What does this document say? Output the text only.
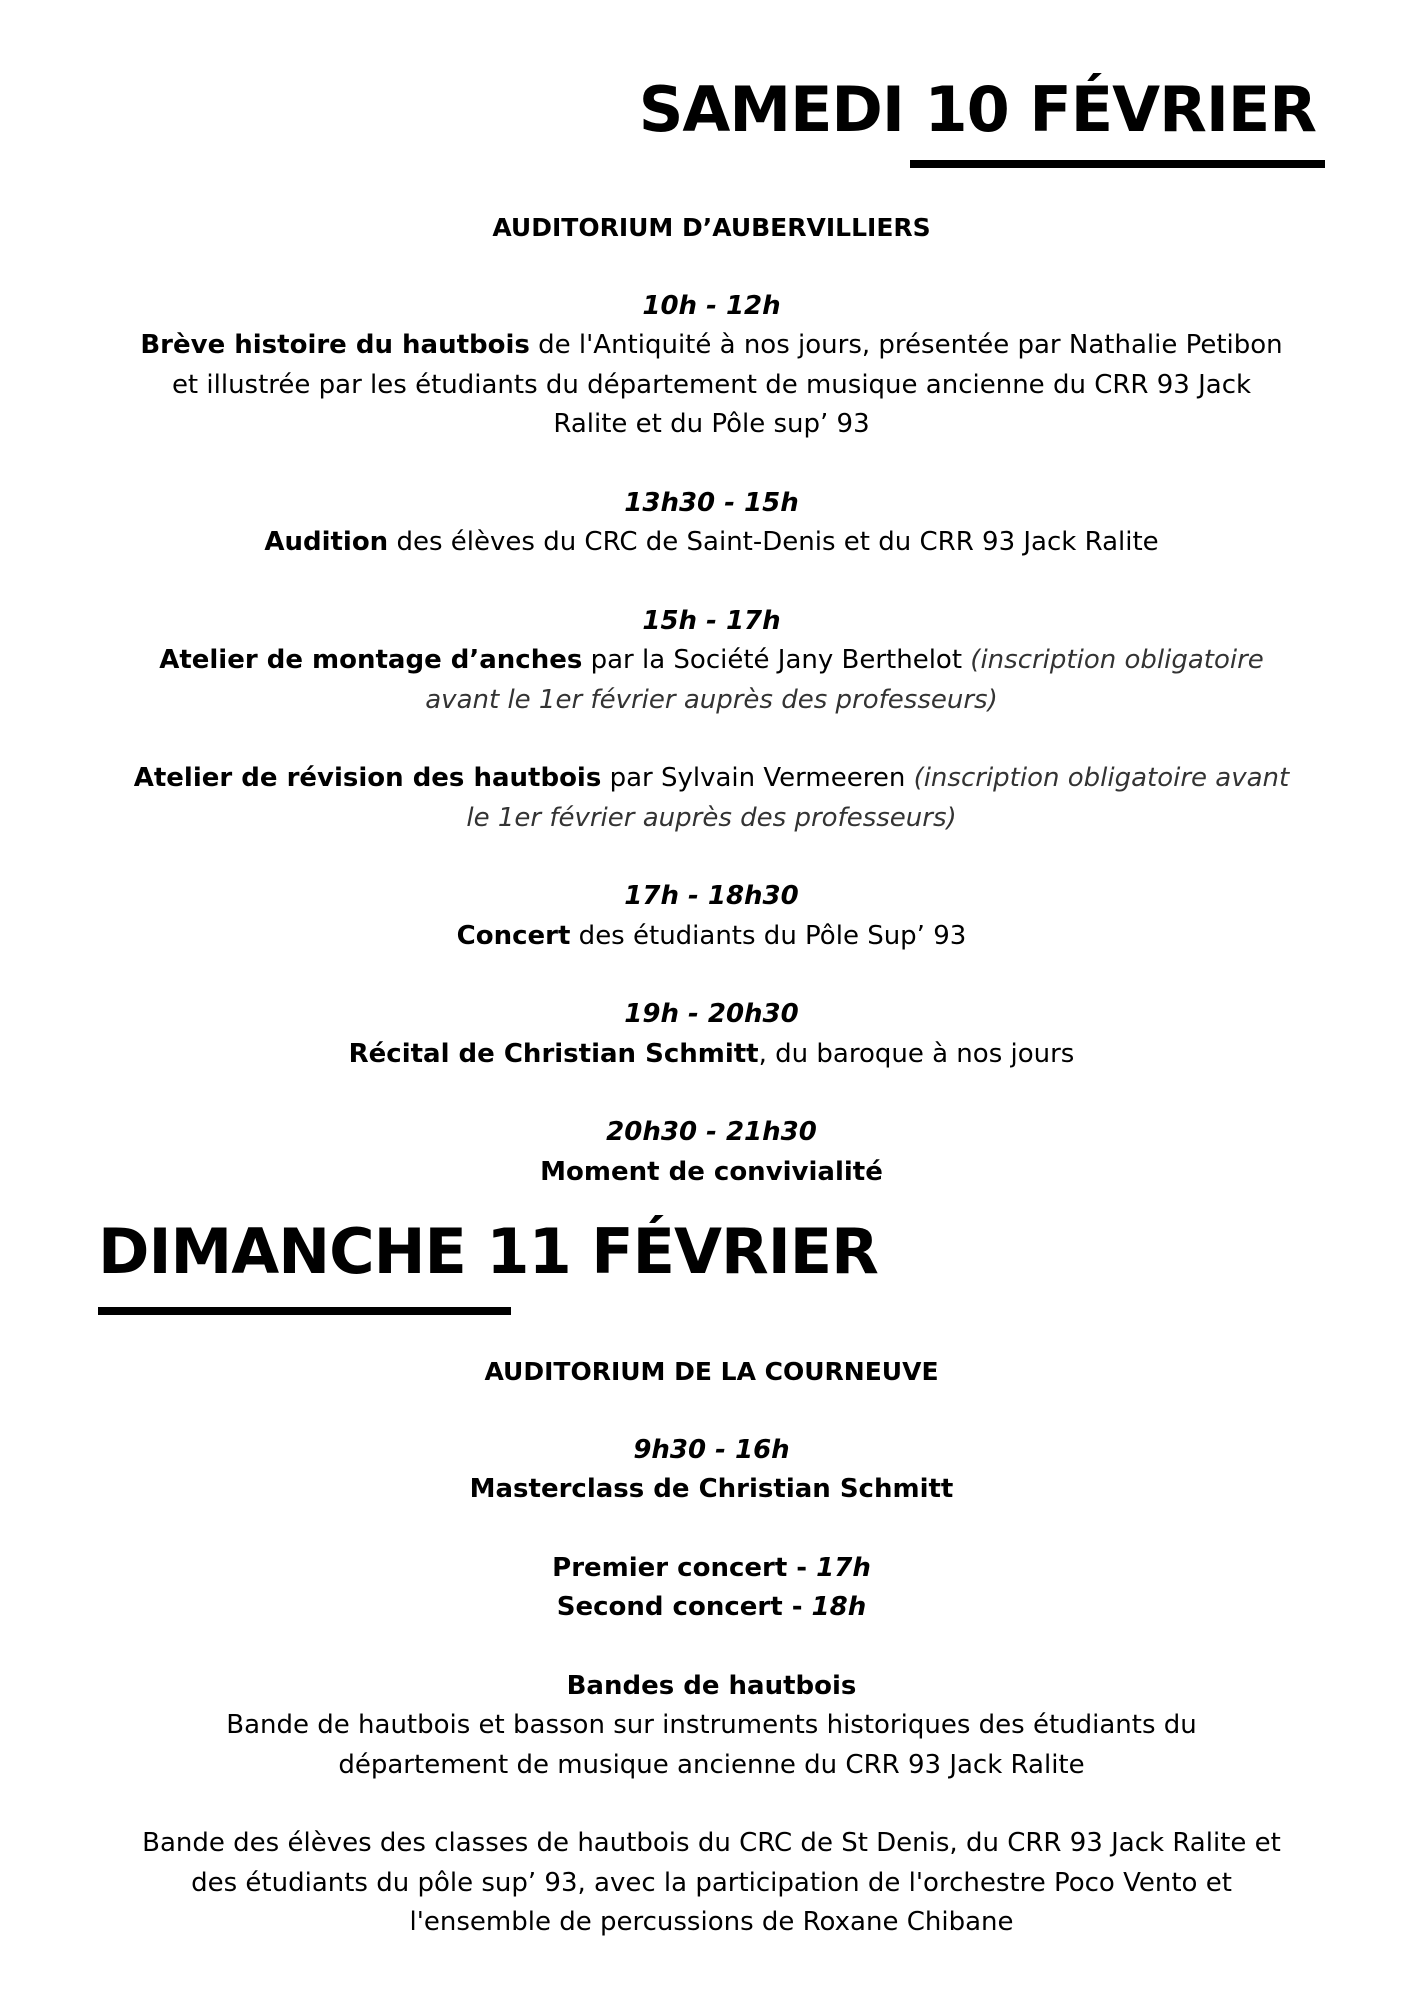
SAMEDI 10 FÉVRIER
AUDITORIUM D’AUBERVILLIERS
10h - 12h
Brève histoire du hautbois de l'Antiquité à nos jours, présentée par Nathalie Petibon
et illustrée par les étudiants du département de musique ancienne du CRR 93 Jack
Ralite et du Pôle sup’ 93
13h30 - 15h
Audition des élèves du CRC de Saint-Denis et du CRR 93 Jack Ralite
15h - 17h
Atelier de montage d’anches par la Société Jany Berthelot (inscription obligatoire
avant le 1er février auprès des professeurs)
Atelier de révision des hautbois par Sylvain Vermeeren (inscription obligatoire avant
le 1er février auprès des professeurs)
17h - 18h30
Concert des étudiants du Pôle Sup’ 93
19h - 20h30
Récital de Christian Schmitt, du baroque à nos jours
20h30 - 21h30
Moment de convivialité
DIMANCHE 11 FÉVRIER
AUDITORIUM DE LA COURNEUVE
9h30 - 16h
Masterclass de Christian Schmitt
Premier concert - 17h
Second concert - 18h
Bandes de hautbois
Bande de hautbois et basson sur instruments historiques des étudiants du
département de musique ancienne du CRR 93 Jack Ralite
Bande des élèves des classes de hautbois du CRC de St Denis, du CRR 93 Jack Ralite et
des étudiants du pôle sup’ 93, avec la participation de l'orchestre Poco Vento et
l'ensemble de percussions de Roxane Chibane
